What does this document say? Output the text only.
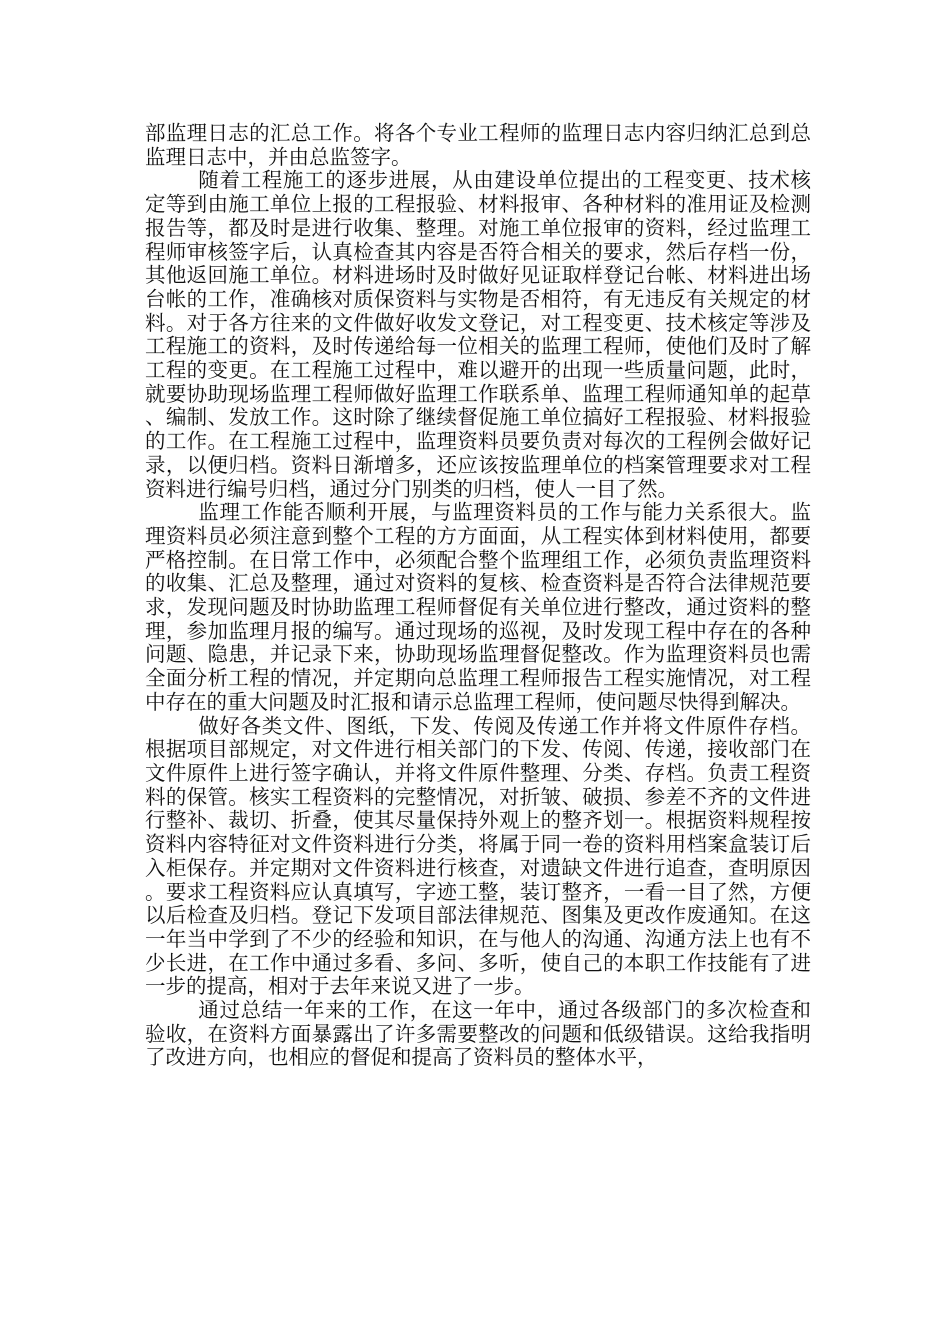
部监理日志的汇总工作。将各个专业工程师的监理日志内容归纳汇总到总监理日志中，并由总监签字。

随着工程施工的逐步进展，从由建设单位提出的工程变更、技术核定等到由施工单位上报的工程报验、材料报审、各种材料的准用证及检测报告等，都及时是进行收集、整理。对施工单位报审的资料，经过监理工程师审核签字后，认真检查其内容是否符合相关的要求，然后存档一份，其他返回施工单位。材料进场时及时做好见证取样登记台帐、材料进出场台帐的工作，准确核对质保资料与实物是否相符，有无违反有关规定的材料。对于各方往来的文件做好收发文登记，对工程变更、技术核定等涉及工程施工的资料，及时传递给每一位相关的监理工程师，使他们及时了解工程的变更。在工程施工过程中，难以避开的出现一些质量问题，此时，就要协助现场监理工程师做好监理工作联系单、监理工程师通知单的起草、编制、发放工作。这时除了继续督促施工单位搞好工程报验、材料报验的工作。在工程施工过程中，监理资料员要负责对每次的工程例会做好记录，以便归档。资料日渐增多，还应该按监理单位的档案管理要求对工程资料进行编号归档，通过分门别类的归档，使人一目了然。

监理工作能否顺利开展，与监理资料员的工作与能力关系很大。监理资料员必须注意到整个工程的方方面面，从工程实体到材料使用，都要严格控制。在日常工作中，必须配合整个监理组工作，必须负责监理资料的收集、汇总及整理，通过对资料的复核、检查资料是否符合法律规范要求，发现问题及时协助监理工程师督促有关单位进行整改，通过资料的整理，参加监理月报的编写。通过现场的巡视，及时发现工程中存在的各种问题、隐患，并记录下来，协助现场监理督促整改。作为监理资料员也需全面分析工程的情况，并定期向总监理工程师报告工程实施情况，对工程中存在的重大问题及时汇报和请示总监理工程师，使问题尽快得到解决。

做好各类文件、图纸，下发、传阅及传递工作并将文件原件存档。根据项目部规定，对文件进行相关部门的下发、传阅、传递，接收部门在文件原件上进行签字确认，并将文件原件整理、分类、存档。负责工程资料的保管。核实工程资料的完整情况，对折皱、破损、参差不齐的文件进行整补、裁切、折叠，使其尽量保持外观上的整齐划一。根据资料规程按资料内容特征对文件资料进行分类，将属于同一卷的资料用档案盒装订后入柜保存。并定期对文件资料进行核查，对遗缺文件进行追查，查明原因。要求工程资料应认真填写，字迹工整，装订整齐，一看一目了然，方便以后检查及归档。登记下发项目部法律规范、图集及更改作废通知。在这一年当中学到了不少的经验和知识，在与他人的沟通、沟通方法上也有不少长进，在工作中通过多看、多问、多听，使自己的本职工作技能有了进一步的提高，相对于去年来说又进了一步。

通过总结一年来的工作，在这一年中，通过各级部门的多次检查和验收，在资料方面暴露出了许多需要整改的问题和低级错误。这给我指明了改进方向，也相应的督促和提高了资料员的整体水平，
